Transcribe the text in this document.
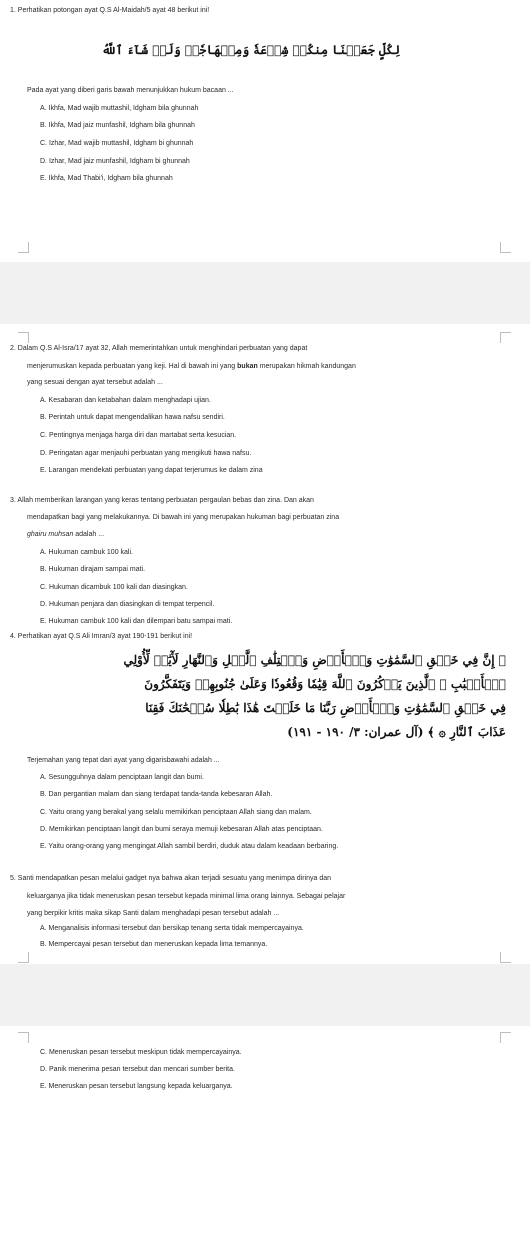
1. Perhatikan potongan ayat Q.S Al-Maidah/5 ayat 48 berikut ini!
لِكُلٍّ جَعَلۡنَا مِنكُمۡ شِرۡعَةٗ وَمِنۡهَاجٗاۚ وَلَوۡ شَآءَ ٱللَّهُ
Pada ayat yang diberi garis bawah menunjukkan hukum bacaan ...
A. Ikhfa, Mad wajib muttashil, Idgham bila ghunnah
B. Ikhfa, Mad jaiz munfashil, Idgham bila ghunnah
C. Izhar, Mad wajib muttashil, Idgham bi ghunnah
D. Izhar, Mad jaiz munfashil, Idgham bi ghunnah
E. Ikhfa, Mad Thabi'i, Idgham bila ghunnah
2. Dalam Q.S Al-Isra/17 ayat 32, Allah memerintahkan untuk menghindari perbuatan yang dapat
menjerumuskan kepada perbuatan yang keji. Hal di bawah ini yang bukan merupakan hikmah kandungan
yang sesuai dengan ayat tersebut adalah ...
A. Kesabaran dan ketabahan dalam menghadapi ujian.
B. Perintah untuk dapat mengendalikan hawa nafsu sendiri.
C. Pentingnya menjaga harga diri dan martabat serta kesucian.
D. Peringatan agar menjauhi perbuatan yang mengikuti hawa nafsu.
E. Larangan mendekati perbuatan yang dapat terjerumus ke dalam zina
3. Allah memberikan larangan yang keras tentang perbuatan pergaulan bebas dan zina. Dan akan
mendapatkan bagi yang melakukannya. Di bawah ini yang merupakan hukuman bagi perbuatan zina
ghairu muhsan adalah ...
A. Hukuman cambuk 100 kali.
B. Hukuman dirajam sampai mati.
C. Hukuman dicambuk 100 kali dan diasingkan.
D. Hukuman penjara dan diasingkan di tempat terpencil.
E. Hukuman cambuk 100 kali dan dilempari batu sampai mati.
4. Perhatikan ayat Q.S Ali Imran/3 ayat 190-191 berikut ini!
﴿ إِنَّ فِي خَلۡقِ ٱلسَّمَٰوَٰتِ وَٱلۡأَرۡضِ وَٱخۡتِلَٰفِ ٱلَّيۡلِ وَٱلنَّهَارِ لَأٓيَٰتٖ لِّأُوْلِي
ٱلۡأَلۡبَٰبِ ۞ ٱلَّذِينَ يَذۡكُرُونَ ٱللَّهَ قِيَٰمٗا وَقُعُودٗا وَعَلَىٰ جُنُوبِهِمۡ وَيَتَفَكَّرُونَ
فِي خَلۡقِ ٱلسَّمَٰوَٰتِ وَٱلۡأَرۡضِ رَبَّنَا مَا خَلَقۡتَ هَٰذَا بَٰطِلٗا سُبۡحَٰنَكَ فَقِنَا
عَذَابَ ٱلنَّارِ ۞ ﴾ (آل عمران: ٣/ ١٩٠ - ١٩١)
Terjemahan yang tepat dari ayat yang digarisbawahi adalah ...
A. Sesungguhnya dalam penciptaan langit dan bumi.
B. Dan pergantian malam dan siang terdapat tanda-tanda kebesaran Allah.
C. Yaitu orang yang berakal yang selalu memikirkan penciptaan Allah siang dan malam.
D. Memikirkan penciptaan langit dan bumi seraya memuji kebesaran Allah atas penciptaan.
E. Yaitu orang-orang yang mengingat Allah sambil berdiri, duduk atau dalam keadaan berbaring.
5. Santi mendapatkan pesan melalui gadget nya bahwa akan terjadi sesuatu yang menimpa dirinya dan
keluarganya jika tidak meneruskan pesan tersebut kepada minimal lima orang lainnya. Sebagai pelajar
yang berpikir kritis maka sikap Santi dalam menghadapi pesan tersebut adalah ...
A. Menganalisis informasi tersebut dan bersikap tenang serta tidak mempercayainya.
B. Mempercayai pesan tersebut dan meneruskan kepada lima temannya.
C. Meneruskan pesan tersebut meskipun tidak mempercayainya.
D. Panik menerima pesan tersebut dan mencari sumber berita.
E. Meneruskan pesan tersebut langsung kepada keluarganya.
